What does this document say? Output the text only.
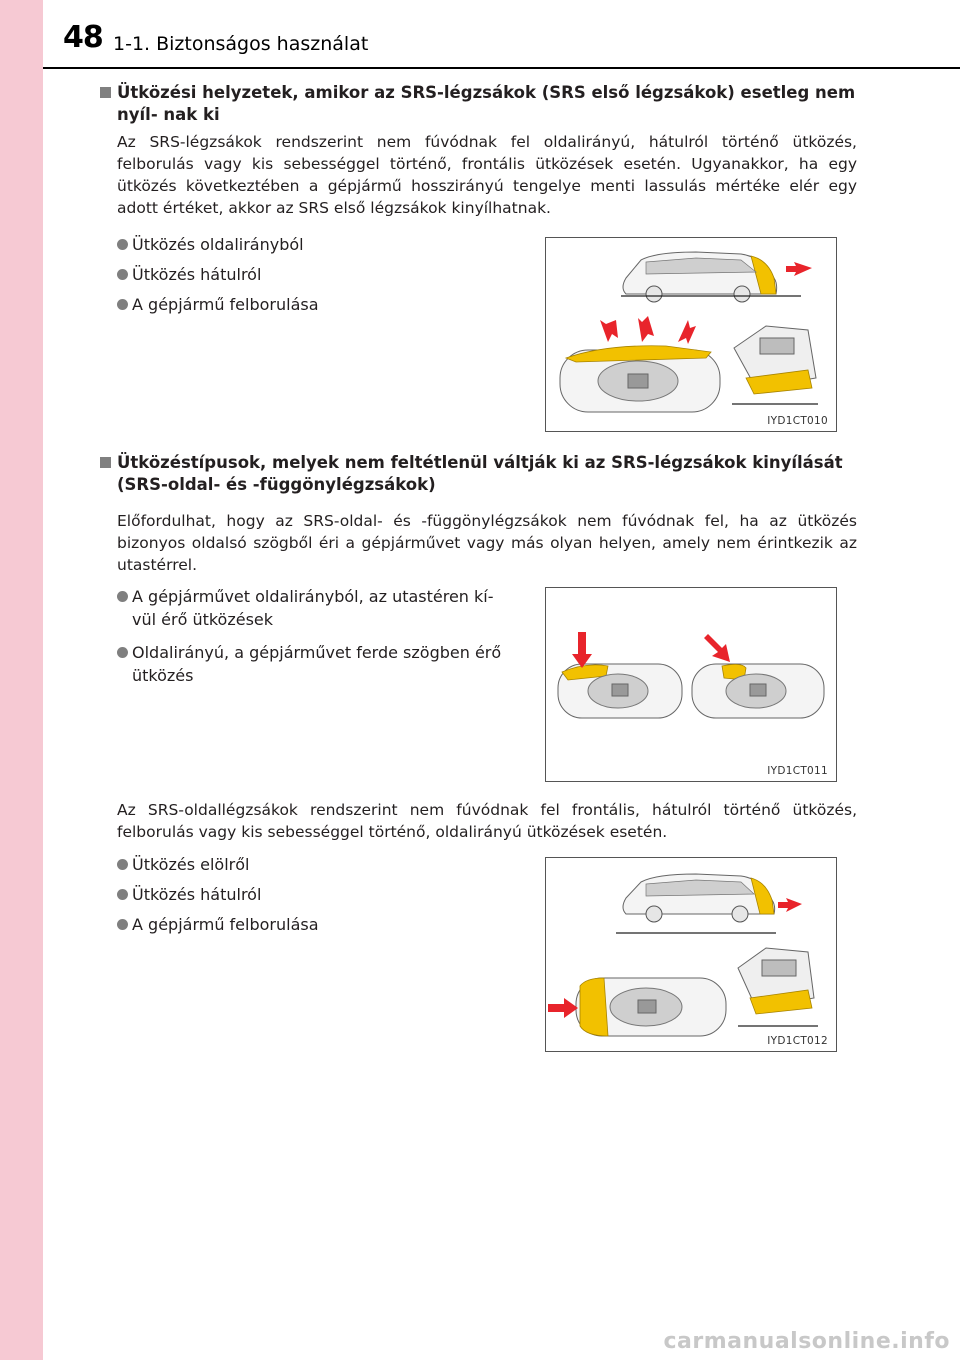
48 1-1. Biztonságos használat
Ütközési helyzetek, amikor az SRS-légzsákok (SRS első légzsákok) esetleg nem nyíl- nak ki
Az SRS-légzsákok rendszerint nem fúvódnak fel oldalirányú, hátulról történő ütközés, felborulás vagy kis sebességgel történő, frontális ütközések esetén. Ugyanakkor, ha egy ütközés következtében a gépjármű hosszirányú tengelye menti lassulás mértéke elér egy adott értéket, akkor az SRS első légzsákok kinyílhatnak.
Ütközés oldalirányból
Ütközés hátulról
A gépjármű felborulása
IYD1CT010
Ütközéstípusok, melyek nem feltétlenül váltják ki az SRS-légzsákok kinyílását (SRS-oldal- és -függönylégzsákok)
Előfordulhat, hogy az SRS-oldal- és -függönylégzsákok nem fúvódnak fel, ha az ütközés bizonyos oldalsó szögből éri a gépjárművet vagy más olyan helyen, amely nem érintkezik az utastérrel.
A gépjárművet oldalirányból, az utastéren kí- vül érő ütközések
Oldalirányú, a gépjárművet ferde szögben érő ütközés
IYD1CT011
Az SRS-oldallégzsákok rendszerint nem fúvódnak fel frontális, hátulról történő ütközés, felborulás vagy kis sebességgel történő, oldalirányú ütközések esetén.
Ütközés elölről
Ütközés hátulról
A gépjármű felborulása
IYD1CT012
carmanualsonline.info
